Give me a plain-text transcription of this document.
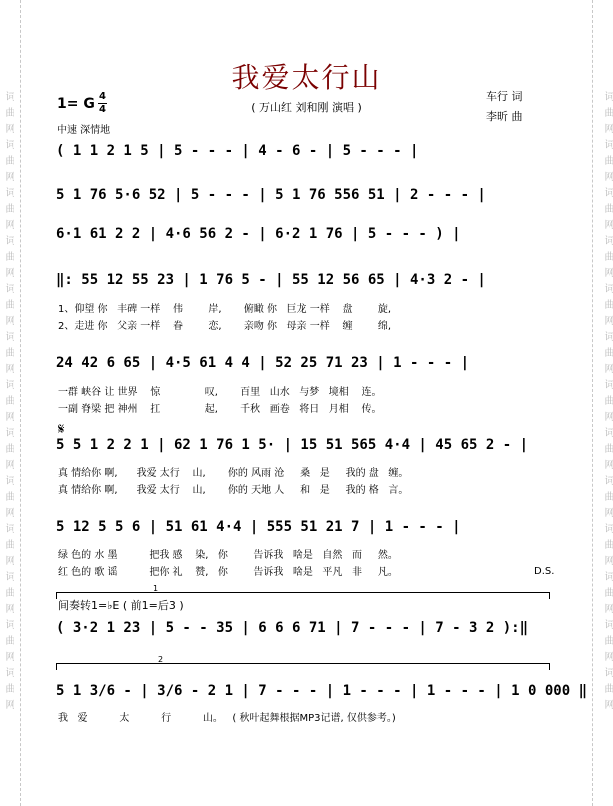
词曲网词曲网词曲网词曲网词曲网词曲网词曲网词曲网词曲网词曲网词曲网词曲网词曲网
词曲网词曲网词曲网词曲网词曲网词曲网词曲网词曲网词曲网词曲网词曲网词曲网词曲网
我爱太行山
( 万山红 刘和刚 演唱 )
车行 词
李昕 曲
1= G 4
4
中速 深情地
( 1 1 2 1 5 | 5 - - - | 4 - 6 - | 5 - - - |
5 1 76 5·6 52 | 5 - - - | 5 1 76 556 51 | 2 - - - |
6·1 61 2 2 | 4·6 56 2 - | 6·2 1 76 | 5 - - - ) |
‖: 55 12 55 23 | 1 76 5 - | 55 12 56 65 | 4·3 2 - |
1、仰望 你   丰碑 一样    伟        岸,       俯瞰 你   巨龙 一样    盘        旋,
2、走进 你   父亲 一样    眷        恋,       亲吻 你   母亲 一样    缠        绵,
24 42 6 65 | 4·5 61 4 4 | 52 25 71 23 | 1 - - - |
一群 峡谷 让 世界    惊              叹,       百里   山水   与梦   境相    连。
一副 脊梁 把 神州    扛              起,       千秋   画卷   将日   月相    传。
𝄋
5 5 1 2 2 1 | 62 1 76 1 5· | 15 51 565 4·4 | 45 65 2 - |
真 情给你 啊,      我爱 太行    山,       你的 风雨 沧     桑   是     我的 盘   缠。
真 情给你 啊,      我爱 太行    山,       你的 天地 人     和   是     我的 格   言。
5 12 5 5 6 | 51 61 4·4 | 555 51 21 7 | 1 - - - |
绿 色的 水 墨          把我 感    染,   你        告诉我   啥是   自然   而     然。
红 色的 歌 谣          把你 礼    赞,   你        告诉我   啥是   平凡   非     凡。	D.S.
1
间奏转1=♭E ( 前1=后3 )
( 3·2 1 23 | 5 - - 35 | 6 6 6 71 | 7 - - - | 7 - 3 2 ):‖
2
5 1 3/6 - | 3/6 - 2 1 | 7 - - - | 1 - - - | 1 - - - | 1 0 000 ‖
我   爱          太          行          山。   ( 秋叶起舞根据MP3记谱, 仅供参考。)
